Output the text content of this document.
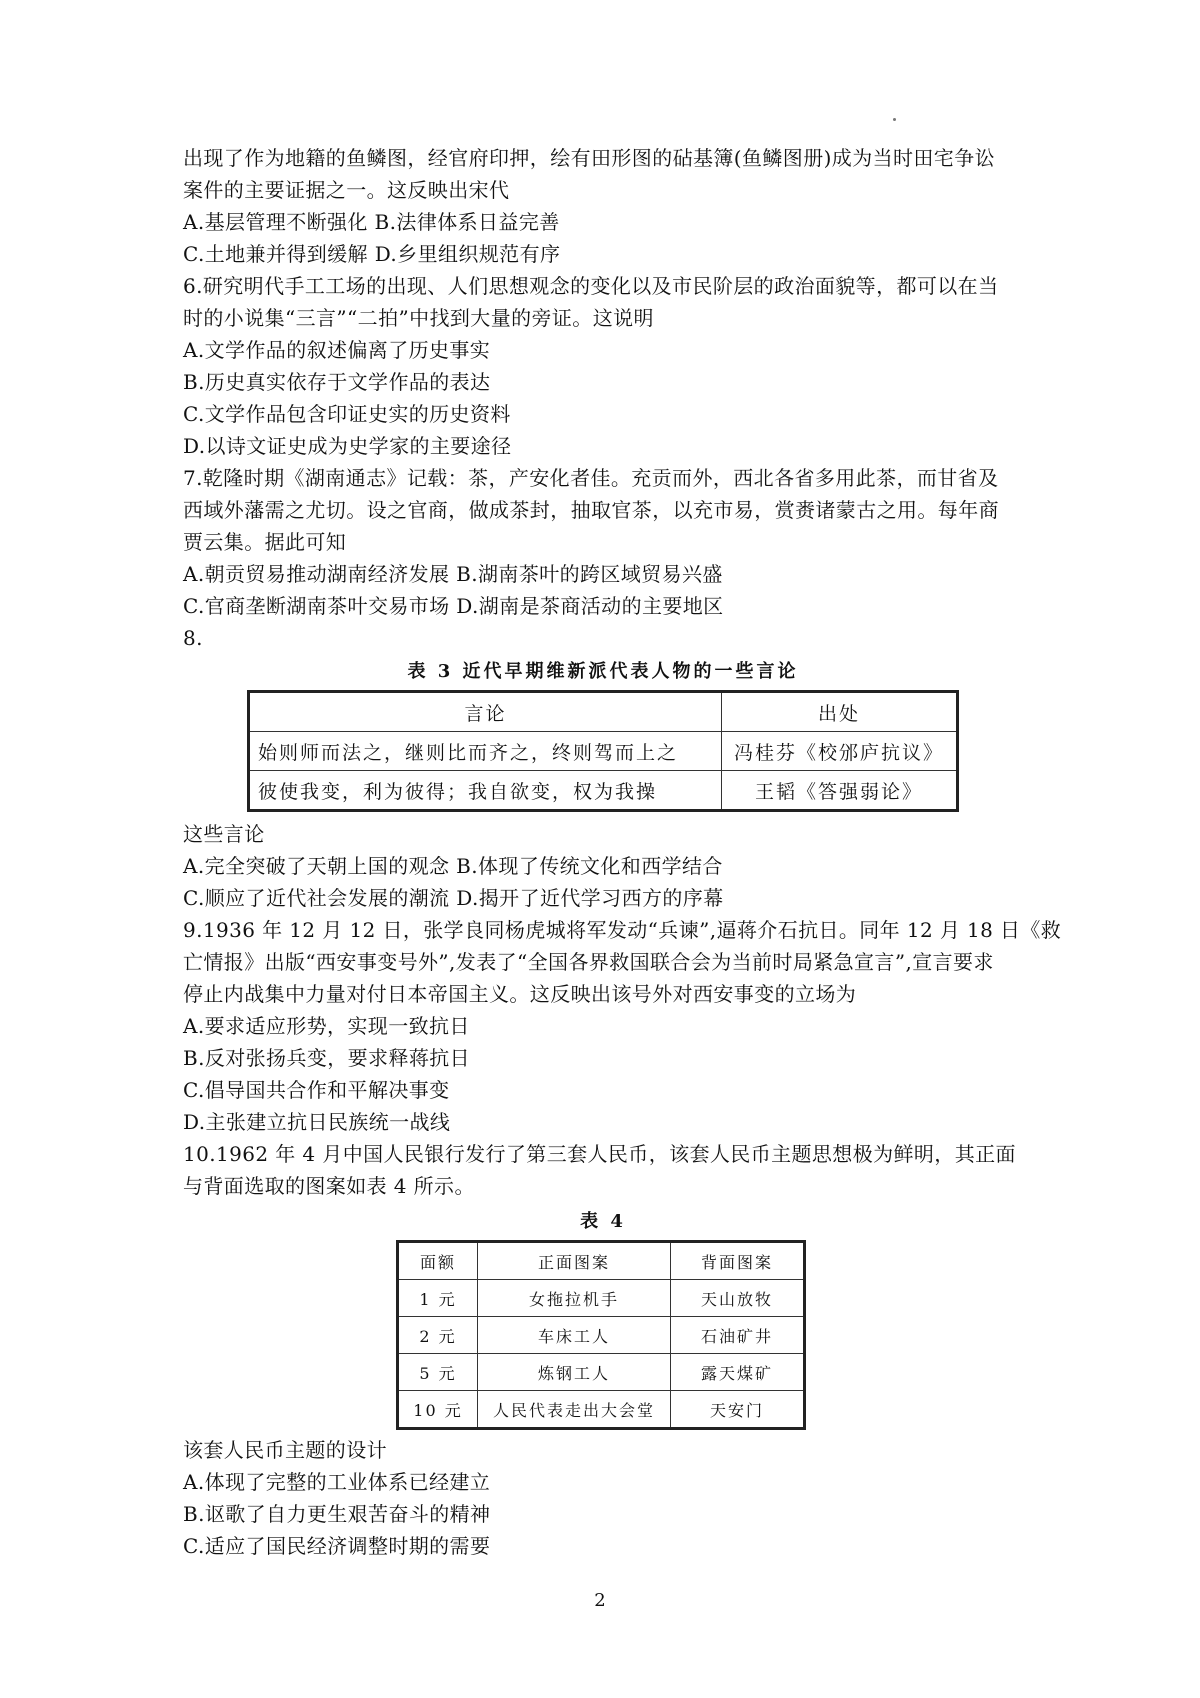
出现了作为地籍的鱼鳞图，经官府印押，绘有田形图的砧基簿(鱼鳞图册)成为当时田宅争讼
案件的主要证据之一。这反映出宋代
A.基层管理不断强化 B.法律体系日益完善
C.土地兼并得到缓解 D.乡里组织规范有序
6.研究明代手工工场的出现、人们思想观念的变化以及市民阶层的政治面貌等，都可以在当
时的小说集“三言”“二拍”中找到大量的旁证。这说明
A.文学作品的叙述偏离了历史事实
B.历史真实依存于文学作品的表达
C.文学作品包含印证史实的历史资料
D.以诗文证史成为史学家的主要途径
7.乾隆时期《湖南通志》记载：茶，产安化者佳。充贡而外，西北各省多用此茶，而甘省及
西域外藩需之尤切。设之官商，做成茶封，抽取官茶，以充市易，赏赉诸蒙古之用。每年商
贾云集。据此可知
A.朝贡贸易推动湖南经济发展 B.湖南茶叶的跨区域贸易兴盛
C.官商垄断湖南茶叶交易市场 D.湖南是茶商活动的主要地区
8.
表 3 近代早期维新派代表人物的一些言论
言论	出处
始则师而法之，继则比而齐之，终则驾而上之	冯桂芬《校邠庐抗议》
彼使我变，利为彼得；我自欲变，权为我操	王韬《答强弱论》
这些言论
A.完全突破了天朝上国的观念 B.体现了传统文化和西学结合
C.顺应了近代社会发展的潮流 D.揭开了近代学习西方的序幕
9.1936 年 12 月 12 日，张学良同杨虎城将军发动“兵谏”,逼蒋介石抗日。同年 12 月 18 日《救
亡情报》出版“西安事变号外”,发表了“全国各界救国联合会为当前时局紧急宣言”,宣言要求
停止内战集中力量对付日本帝国主义。这反映出该号外对西安事变的立场为
A.要求适应形势，实现一致抗日
B.反对张扬兵变，要求释蒋抗日
C.倡导国共合作和平解决事变
D.主张建立抗日民族统一战线
10.1962 年 4 月中国人民银行发行了第三套人民币，该套人民币主题思想极为鲜明，其正面
与背面选取的图案如表 4 所示。
表 4
面额	正面图案	背面图案
1 元	女拖拉机手	天山放牧
2 元	车床工人	石油矿井
5 元	炼钢工人	露天煤矿
10 元	人民代表走出大会堂	天安门
该套人民币主题的设计
A.体现了完整的工业体系已经建立
B.讴歌了自力更生艰苦奋斗的精神
C.适应了国民经济调整时期的需要
2
